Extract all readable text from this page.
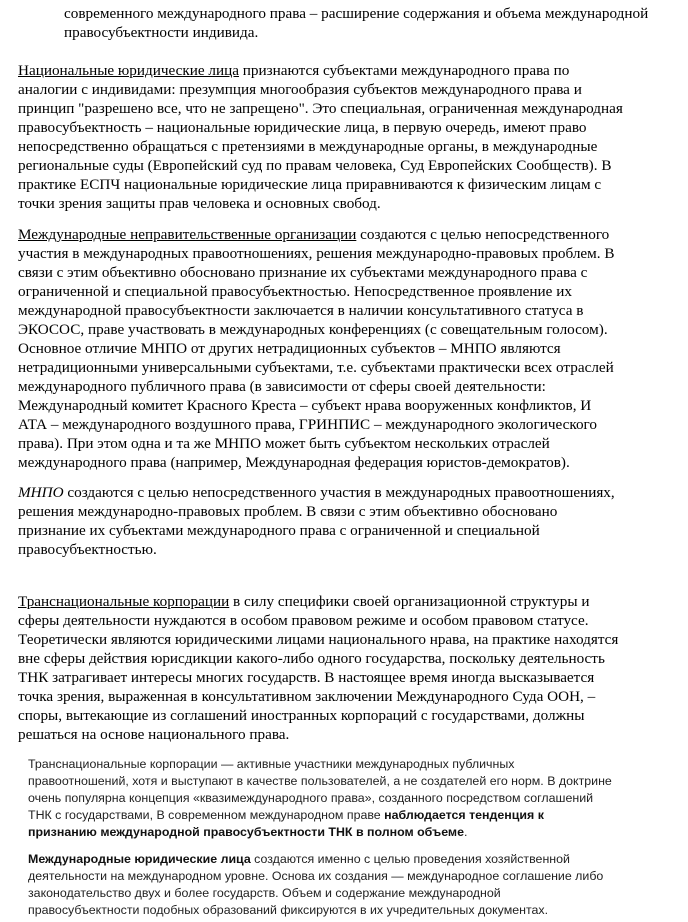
современного международного права – расширение содержания и объема международной
правосубъектности индивида.

Национальные юридические лица признаются субъектами международного права по
аналогии с индивидами: презумпция многообразия субъектов международного права и
принцип "разрешено все, что не запрещено". Это специальная, ограниченная международная
правосубъектность – национальные юридические лица, в первую очередь, имеют право
непосредственно обращаться с претензиями в международные органы, в международные
региональные суды (Европейский суд по правам человека, Суд Европейских Сообществ). В
практике ЕСПЧ национальные юридические лица приравниваются к физическим лицам с
точки зрения защиты прав человека и основных свобод.

Международные неправительственные организации создаются с целью непосредственного
участия в международных правоотношениях, решения международно-правовых проблем. В
связи с этим объективно обосновано признание их субъектами международного права с
ограниченной и специальной правосубъектностью. Непосредственное проявление их
международной правосубъектности заключается в наличии консультативного статуса в
ЭКОСОС, праве участвовать в международных конференциях (с совещательным голосом).
Основное отличие МНПО от других нетрадиционных субъектов – МНПО являются
нетрадиционными универсальными субъектами, т.е. субъектами практически всех отраслей
международного публичного права (в зависимости от сферы своей деятельности:
Международный комитет Красного Креста – субъект нрава вооруженных конфликтов, И
АТА – международного воздушного права, ГРИНПИС – международного экологического
права). При этом одна и та же МНПО может быть субъектом нескольких отраслей
международного права (например, Международная федерация юристов-демократов).

МНПО создаются с целью непосредственного участия в международных правоотношениях,
решения международно-правовых проблем. В связи с этим объективно обосновано
признание их субъектами международного права с ограниченной и специальной
правосубъектностью.

Транснациональные корпорации в силу специфики своей организационной структуры и
сферы деятельности нуждаются в особом правовом режиме и особом правовом статусе.
Теоретически являются юридическими лицами национального нрава, на практике находятся
вне сферы действия юрисдикции какого-либо одного государства, поскольку деятельность
ТНК затрагивает интересы многих государств. В настоящее время иногда высказывается
точка зрения, выраженная в консультативном заключении Международного Суда ООН, –
споры, вытекающие из соглашений иностранных корпораций с государствами, должны
решаться на основе национального права.

Транснациональные корпорации — активные участники международных публичных
правоотношений, хотя и выступают в качестве пользователей, а не создателей его норм. В доктрине
очень популярна концепция «квазимеждународного права», созданного посредством соглашений
ТНК с государствами, В современном международном праве наблюдается тенденция к
признанию международной правосубъектности ТНК в полном объеме.

Международные юридические лица создаются именно с целью проведения хозяйственной
деятельности на международном уровне. Основа их создания — международное соглашение либо
законодательство двух и более государств. Объем и содержание международной
правосубъектности подобных образований фиксируются в их учредительных документах.
